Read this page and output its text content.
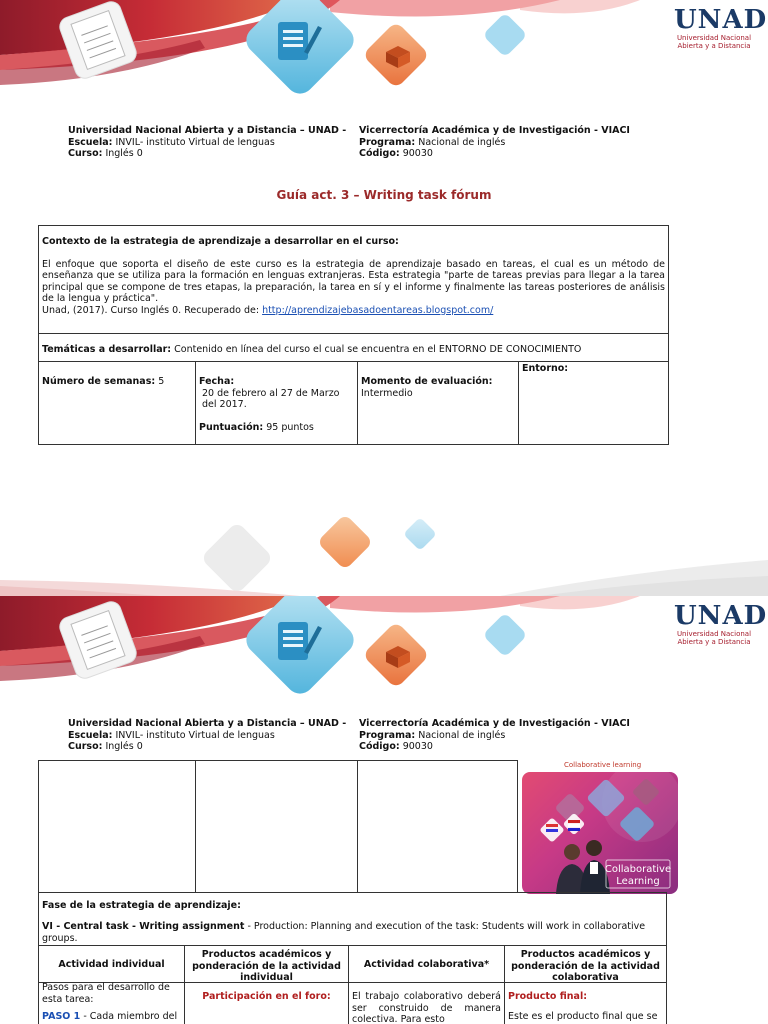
UNAD
Universidad Nacional
Abierta y a Distancia
Universidad Nacional Abierta y a Distancia – UNAD -
Escuela: INVIL- instituto Virtual de lenguas
Curso: Inglés 0
Vicerrectoría Académica y de Investigación - VIACI
Programa: Nacional de inglés
Código: 90030
Guía act. 3 – Writing task fórum
Contexto de la estrategia de aprendizaje a desarrollar en el curso:
El enfoque que soporta el diseño de este curso es la estrategia de aprendizaje basado en tareas, el cual es un método de enseñanza que se utiliza para la formación en lenguas extranjeras. Esta estrategia "parte de tareas previas para llegar a la tarea principal que se compone de tres etapas, la preparación, la tarea en sí y el informe y finalmente las tareas posteriores de análisis de la lengua y práctica".
Unad, (2017). Curso Inglés 0. Recuperado de: http://aprendizajebasadoentareas.blogspot.com/
Temáticas a desarrollar: Contenido en línea del curso el cual se encuentra en el ENTORNO DE CONOCIMIENTO
Número de semanas: 5	Fecha:
20 de febrero al 27 de Marzo del 2017.
Puntuación: 95 puntos
Momento de evaluación:
Intermedio
Entorno:
UNAD
Universidad Nacional
Abierta y a Distancia
Universidad Nacional Abierta y a Distancia – UNAD -
Escuela: INVIL- instituto Virtual de lenguas
Curso: Inglés 0
Vicerrectoría Académica y de Investigación - VIACI
Programa: Nacional de inglés
Código: 90030
Collaborative learning
Collaborative
Learning
Fase de la estrategia de aprendizaje:
VI - Central task - Writing assignment - Production: Planning and execution of the task: Students will work in collaborative groups.
Actividad individual
Productos académicos y ponderación de la actividad individual
Actividad colaborativa*
Productos académicos y ponderación de la actividad colaborativa
Pasos para el desarrollo de esta tarea:
PASO 1 - Cada miembro del
Participación en el foro:	El trabajo colaborativo deberá ser construido de manera colectiva. Para esto
Producto final:
Este es el producto final que se
